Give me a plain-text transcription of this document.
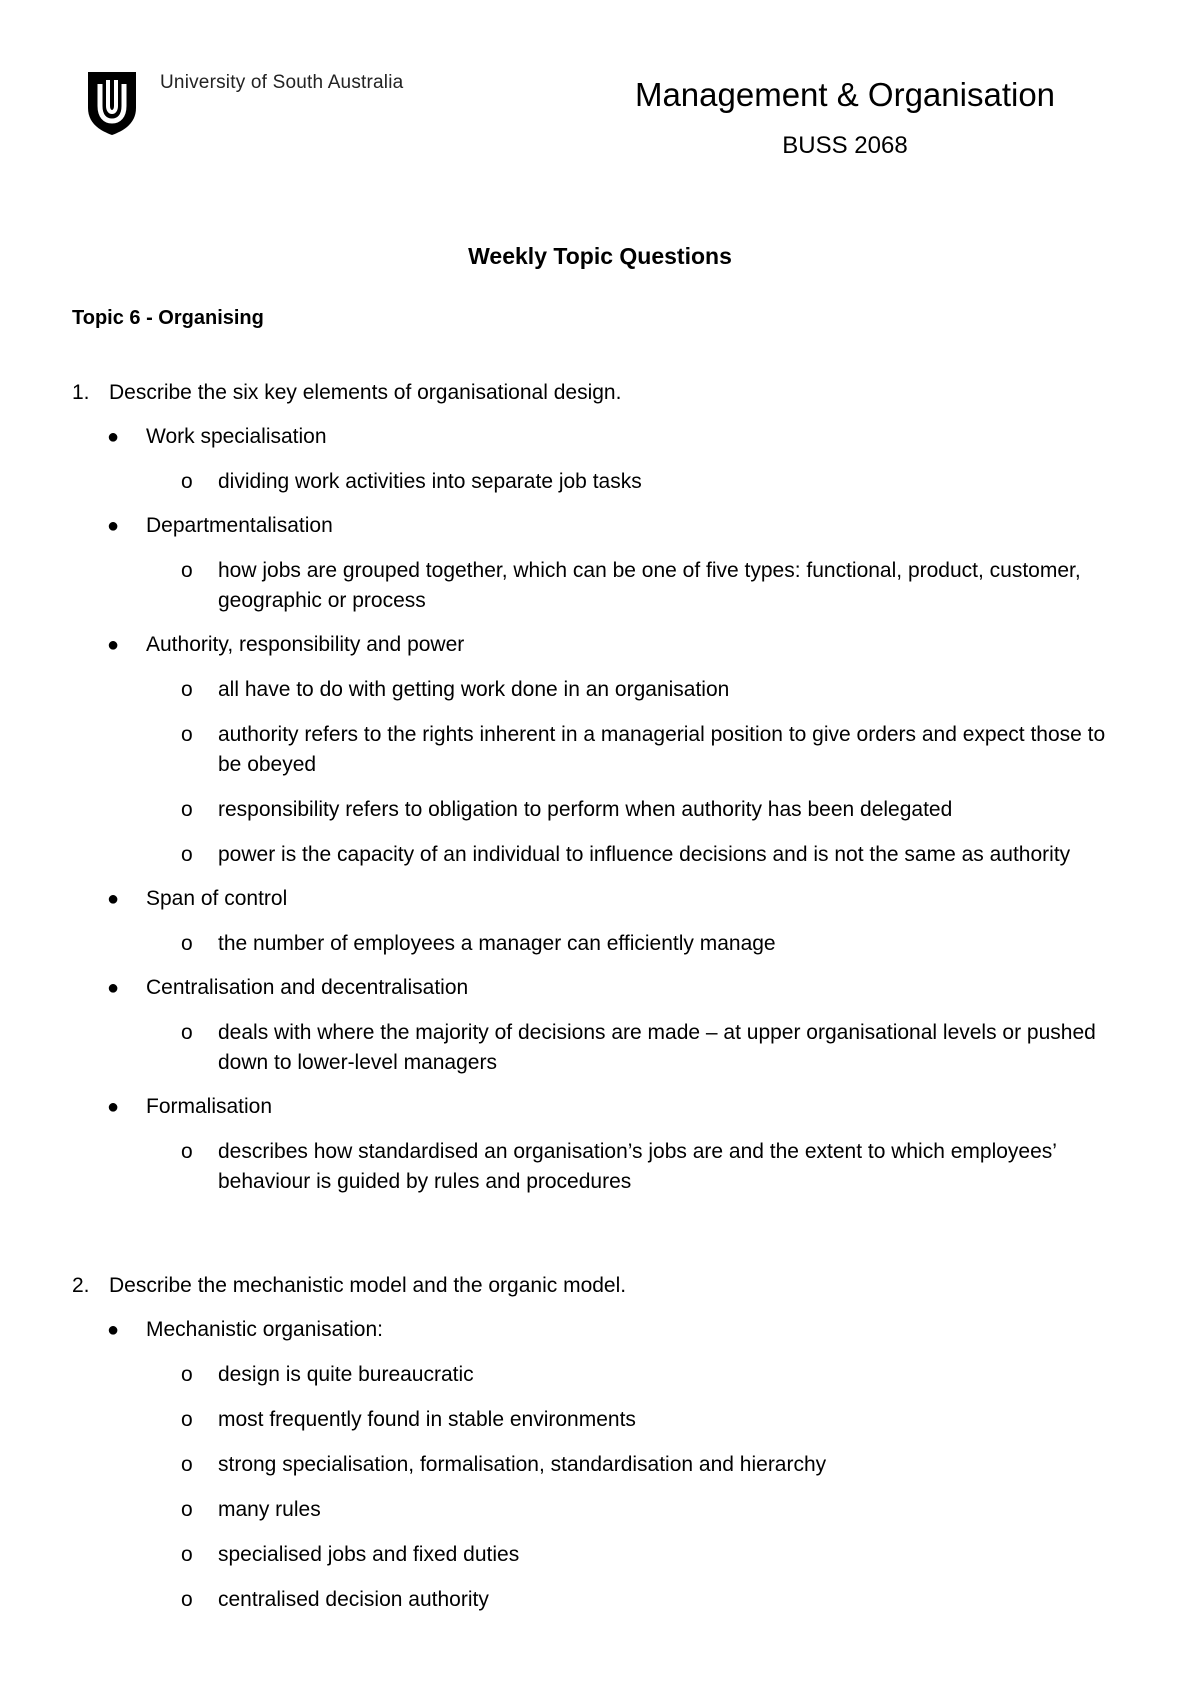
University of South Australia	Management & Organisation
BUSS 2068
Weekly Topic Questions
Topic 6 - Organising
1. Describe the six key elements of organisational design.
● Work specialisation
o dividing work activities into separate job tasks
● Departmentalisation
o how jobs are grouped together, which can be one of five types: functional, product, customer, geographic or process
● Authority, responsibility and power
o all have to do with getting work done in an organisation
o authority refers to the rights inherent in a managerial position to give orders and expect those to be obeyed
o responsibility refers to obligation to perform when authority has been delegated
o power is the capacity of an individual to influence decisions and is not the same as authority
● Span of control
o the number of employees a manager can efficiently manage
● Centralisation and decentralisation
o deals with where the majority of decisions are made – at upper organisational levels or pushed down to lower-level managers
● Formalisation
o describes how standardised an organisation’s jobs are and the extent to which employees’ behaviour is guided by rules and procedures
2. Describe the mechanistic model and the organic model.
● Mechanistic organisation:
o design is quite bureaucratic
o most frequently found in stable environments
o strong specialisation, formalisation, standardisation and hierarchy
o many rules
o specialised jobs and fixed duties
o centralised decision authority
